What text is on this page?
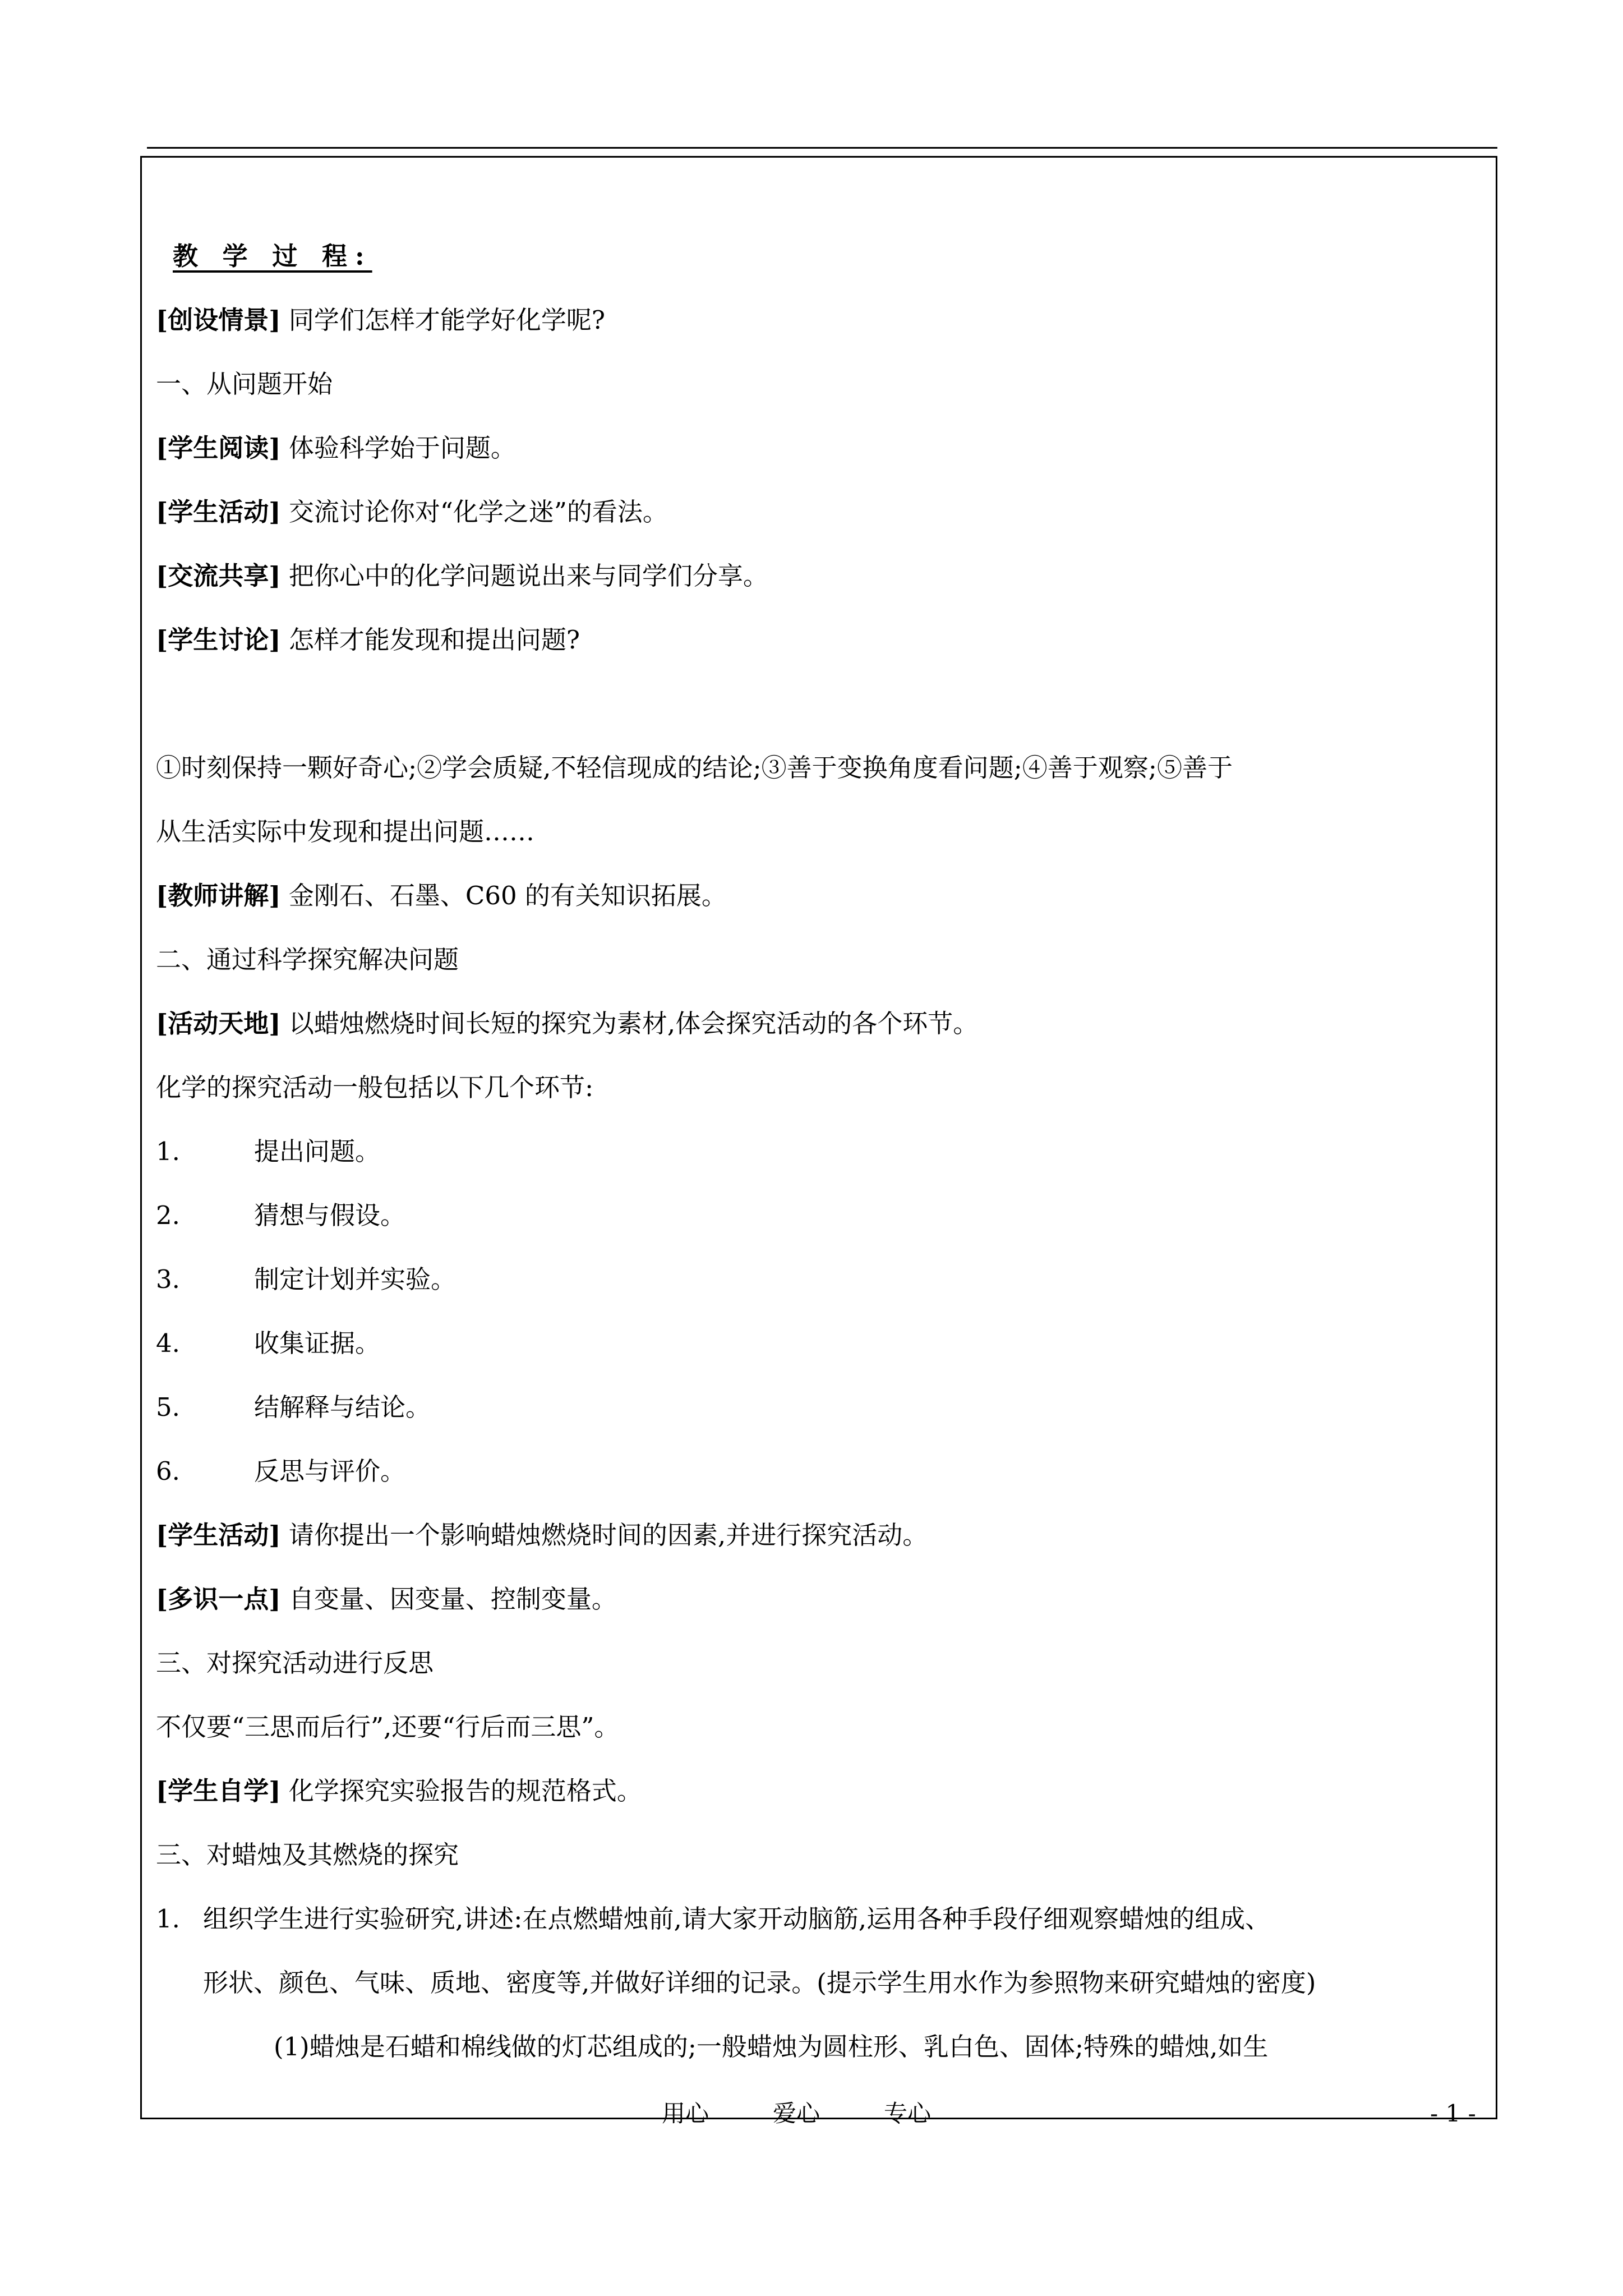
教 学 过 程:
[创设情景] 同学们怎样才能学好化学呢?
一、从问题开始
[学生阅读] 体验科学始于问题。
[学生活动] 交流讨论你对“化学之迷”的看法。
[交流共享] 把你心中的化学问题说出来与同学们分享。
[学生讨论] 怎样才能发现和提出问题?
①时刻保持一颗好奇心;②学会质疑,不轻信现成的结论;③善于变换角度看问题;④善于观察;⑤善于
从生活实际中发现和提出问题……
[教师讲解] 金刚石、石墨、C60 的有关知识拓展。
二、通过科学探究解决问题
[活动天地] 以蜡烛燃烧时间长短的探究为素材,体会探究活动的各个环节。
化学的探究活动一般包括以下几个环节:
1.	提出问题。
2.	猜想与假设。
3.	制定计划并实验。
4.	收集证据。
5.	结解释与结论。
6.	反思与评价。
[学生活动] 请你提出一个影响蜡烛燃烧时间的因素,并进行探究活动。
[多识一点] 自变量、因变量、控制变量。
三、对探究活动进行反思
不仅要“三思而后行”,还要“行后而三思”。
[学生自学] 化学探究实验报告的规范格式。
三、对蜡烛及其燃烧的探究
1. 组织学生进行实验研究,讲述:在点燃蜡烛前,请大家开动脑筋,运用各种手段仔细观察蜡烛的组成、
形状、颜色、气味、质地、密度等,并做好详细的记录。(提示学生用水作为参照物来研究蜡烛的密度)
(1)蜡烛是石蜡和棉线做的灯芯组成的;一般蜡烛为圆柱形、乳白色、固体;特殊的蜡烛,如生
用心	爱心	专心	- 1 -
